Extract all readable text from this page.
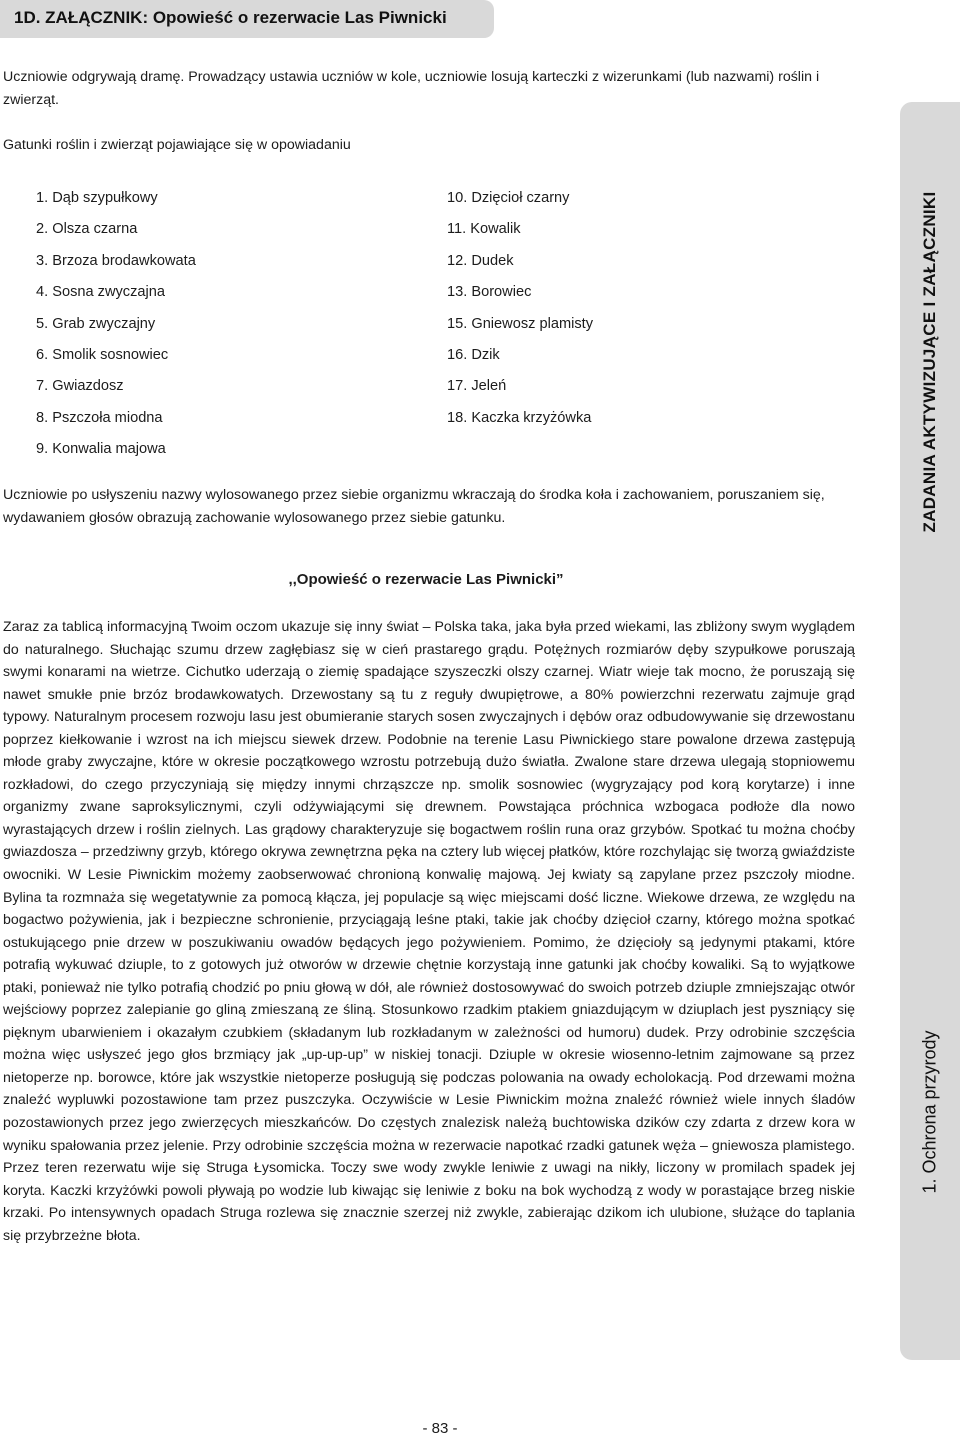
1D. ZAŁĄCZNIK: Opowieść o rezerwacie Las Piwnicki

Uczniowie odgrywają dramę. Prowadzący ustawia uczniów w kole, uczniowie losują karteczki z wizerunkami (lub nazwami) roślin i zwierząt.

Gatunki roślin i zwierząt pojawiające się w opowiadaniu

1. Dąb szypułkowy
2. Olsza czarna
3. Brzoza brodawkowata
4. Sosna zwyczajna
5. Grab zwyczajny
6. Smolik sosnowiec
7. Gwiazdosz
8. Pszczoła miodna
9. Konwalia majowa
10. Dzięcioł czarny
11. Kowalik
12. Dudek
13. Borowiec
15. Gniewosz plamisty
16. Dzik
17. Jeleń
18. Kaczka krzyżówka

Uczniowie po usłyszeniu nazwy wylosowanego przez siebie organizmu wkraczają do środka koła i zachowaniem, poruszaniem się, wydawaniem głosów obrazują zachowanie wylosowanego przez siebie gatunku.

,,Opowieść o rezerwacie Las Piwnicki”

Zaraz za tablicą informacyjną Twoim oczom ukazuje się inny świat – Polska taka, jaka była przed wiekami, las zbliżony swym wyglądem do naturalnego. Słuchając szumu drzew zagłębiasz się w cień prastarego grądu. Potężnych rozmiarów dęby szypułkowe poruszają swymi konarami na wietrze. Cichutko uderzają o ziemię spadające szyszeczki olszy czarnej. Wiatr wieje tak mocno, że poruszają się nawet smukłe pnie brzóz brodawkowatych. Drzewostany są tu z reguły dwupiętrowe, a 80% powierzchni rezerwatu zajmuje grąd typowy. Naturalnym procesem rozwoju lasu jest obumieranie starych sosen zwyczajnych i dębów oraz odbudowywanie się drzewostanu poprzez kiełkowanie i wzrost na ich miejscu siewek drzew. Podobnie na terenie Lasu Piwnickiego stare powalone drzewa zastępują młode graby zwyczajne, które w okresie początkowego wzrostu potrzebują dużo światła. Zwalone stare drzewa ulegają stopniowemu rozkładowi, do czego przyczyniają się między innymi chrząszcze np. smolik sosnowiec (wygryzający pod korą korytarze) i inne organizmy zwane saproksylicznymi, czyli odżywiającymi się drewnem. Powstająca próchnica wzbogaca podłoże dla nowo wyrastających drzew i roślin zielnych. Las grądowy charakteryzuje się bogactwem roślin runa oraz grzybów. Spotkać tu można choćby gwiazdosza – przedziwny grzyb, którego okrywa zewnętrzna pęka na cztery lub więcej płatków, które rozchylając się tworzą gwiaździste owocniki. W Lesie Piwnickim możemy zaobserwować chronioną konwalię majową. Jej kwiaty są zapylane przez pszczoły miodne. Bylina ta rozmnaża się wegetatywnie za pomocą kłącza, jej populacje są więc miejscami dość liczne. Wiekowe drzewa, ze względu na bogactwo pożywienia, jak i bezpieczne schronienie, przyciągają leśne ptaki, takie jak choćby dzięcioł czarny, którego można spotkać ostukującego pnie drzew w poszukiwaniu owadów będących jego pożywieniem. Pomimo, że dzięcioły są jedynymi ptakami, które potrafią wykuwać dziuple, to z gotowych już otworów w drzewie chętnie korzystają inne gatunki jak choćby kowaliki. Są to wyjątkowe ptaki, ponieważ nie tylko potrafią chodzić po pniu głową w dół, ale również dostosowywać do swoich potrzeb dziuple zmniejszając otwór wejściowy poprzez zalepianie go gliną zmieszaną ze śliną. Stosunkowo rzadkim ptakiem gniazdującym w dziuplach jest pyszniący się pięknym ubarwieniem i okazałym czubkiem (składanym lub rozkładanym w zależności od humoru) dudek. Przy odrobinie szczęścia można więc usłyszeć jego głos brzmiący jak „up-up-up” w niskiej tonacji. Dziuple w okresie wiosenno-letnim zajmowane są przez nietoperze np. borowce, które jak wszystkie nietoperze posługują się podczas polowania na owady echolokacją. Pod drzewami można znaleźć wypluwki pozostawione tam przez puszczyka. Oczywiście w Lesie Piwnickim można znaleźć również wiele innych śladów pozostawionych przez jego zwierzęcych mieszkańców. Do częstych znalezisk należą buchtowiska dzików czy zdarta z drzew kora w wyniku spałowania przez jelenie. Przy odrobinie szczęścia można w rezerwacie napotkać rzadki gatunek węża – gniewosza plamistego. Przez teren rezerwatu wije się Struga Łysomicka. Toczy swe wody zwykle leniwie z uwagi na nikły, liczony w promilach spadek jej koryta. Kaczki krzyżówki powoli pływają po wodzie lub kiwając się leniwie z boku na bok wychodzą z wody w porastające brzeg niskie krzaki. Po intensywnych opadach Struga rozlewa się znacznie szerzej niż zwykle, zabierając dzikom ich ulubione, służące do taplania się przybrzeżne błota.

ZADANIA AKTYWIZUJĄCE I ZAŁĄCZNIKI
1. Ochrona przyrody
- 83 -
